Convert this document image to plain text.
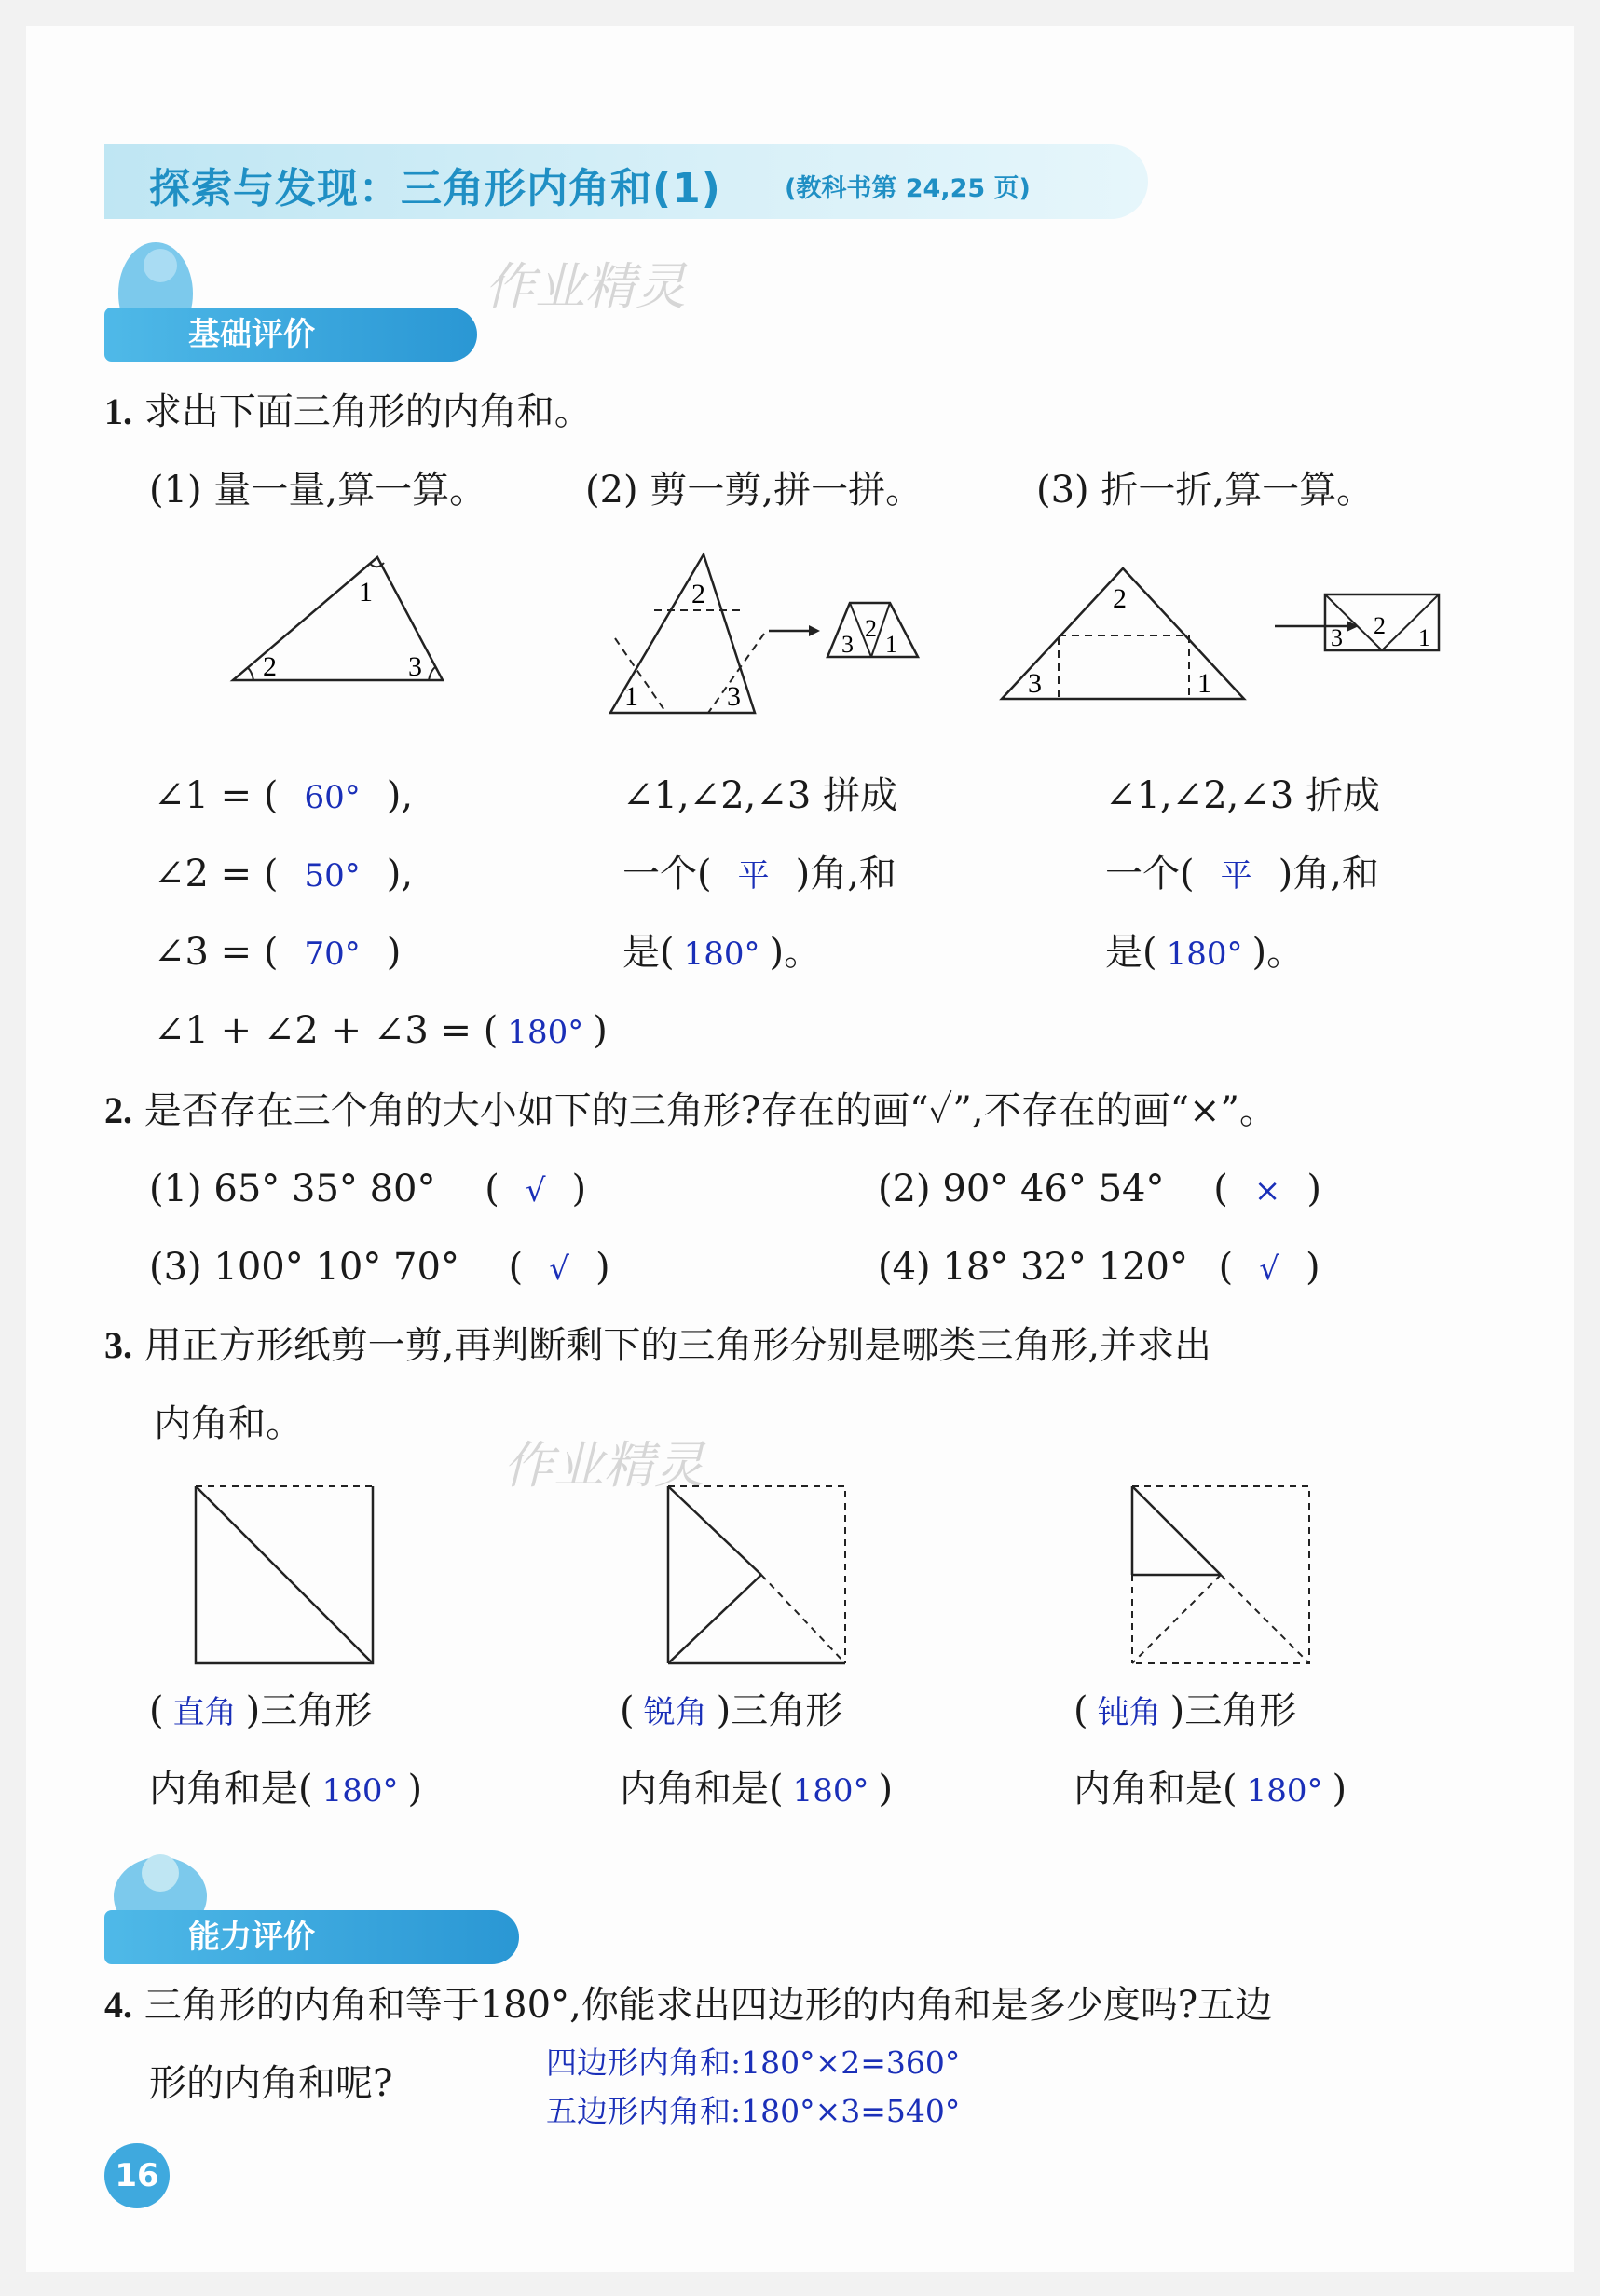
探索与发现：三角形内角和(1)	(教科书第 24,25 页)
基础评价
作业精灵
1. 求出下面三角形的内角和。
(1) 量一量,算一算。	(2) 剪一剪,拼一拼。	(3) 折一折,算一算。
1
2	3
2
1	3
3
2
1
2
3	1
3 2 1
∠1 = ( 60° ),
∠2 = ( 50° ),
∠3 = ( 70° )
∠1 + ∠2 + ∠3 = ( 180° )
∠1,∠2,∠3 拼成
一个( 平 )角,和
是( 180° )。
∠1,∠2,∠3 折成
一个( 平 )角,和
是( 180° )。
2. 是否存在三个角的大小如下的三角形?存在的画“✓”,不存在的画“×”。
(1) 65° 35° 80° ( √ )	(2) 90° 46° 54° ( × )
(3) 100° 10° 70° ( √ )	(4) 18° 32° 120° ( √ )
3. 用正方形纸剪一剪,再判断剩下的三角形分别是哪类三角形,并求出
内角和。
作业精灵
( 直角 )三角形
内角和是( 180° )
( 锐角 )三角形
内角和是( 180° )
( 钝角 )三角形
内角和是( 180° )
能力评价
4. 三角形的内角和等于180°,你能求出四边形的内角和是多少度吗?五边
形的内角和呢?	四边形内角和:180°×2=360°
五边形内角和:180°×3=540°
16
